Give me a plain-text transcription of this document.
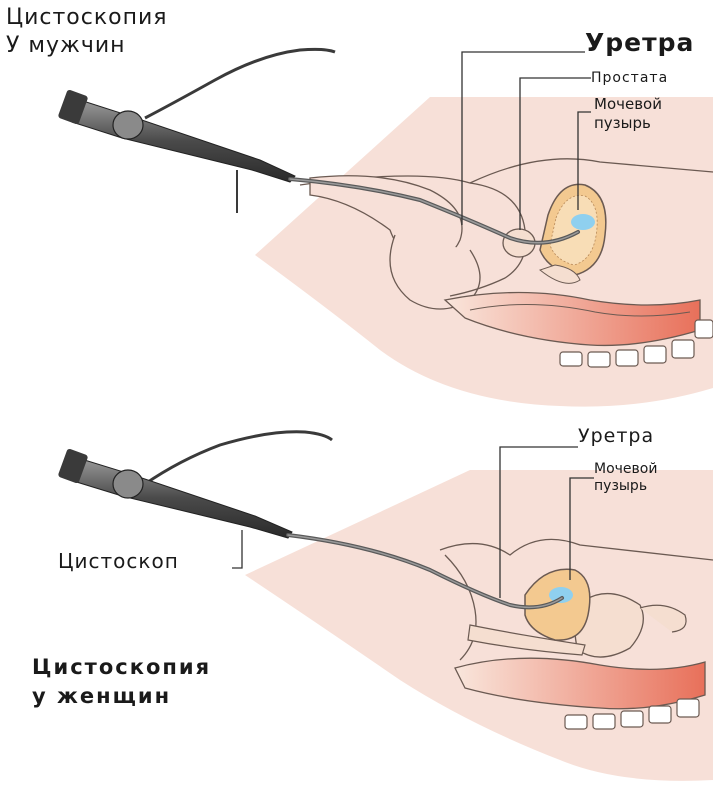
Цистоскопия
У мужчин	Уретра
Простата
Мочевой
пузырь
Уретра
Мочевой
пузырь
Цистоскоп
Цистоскопия
у женщин
